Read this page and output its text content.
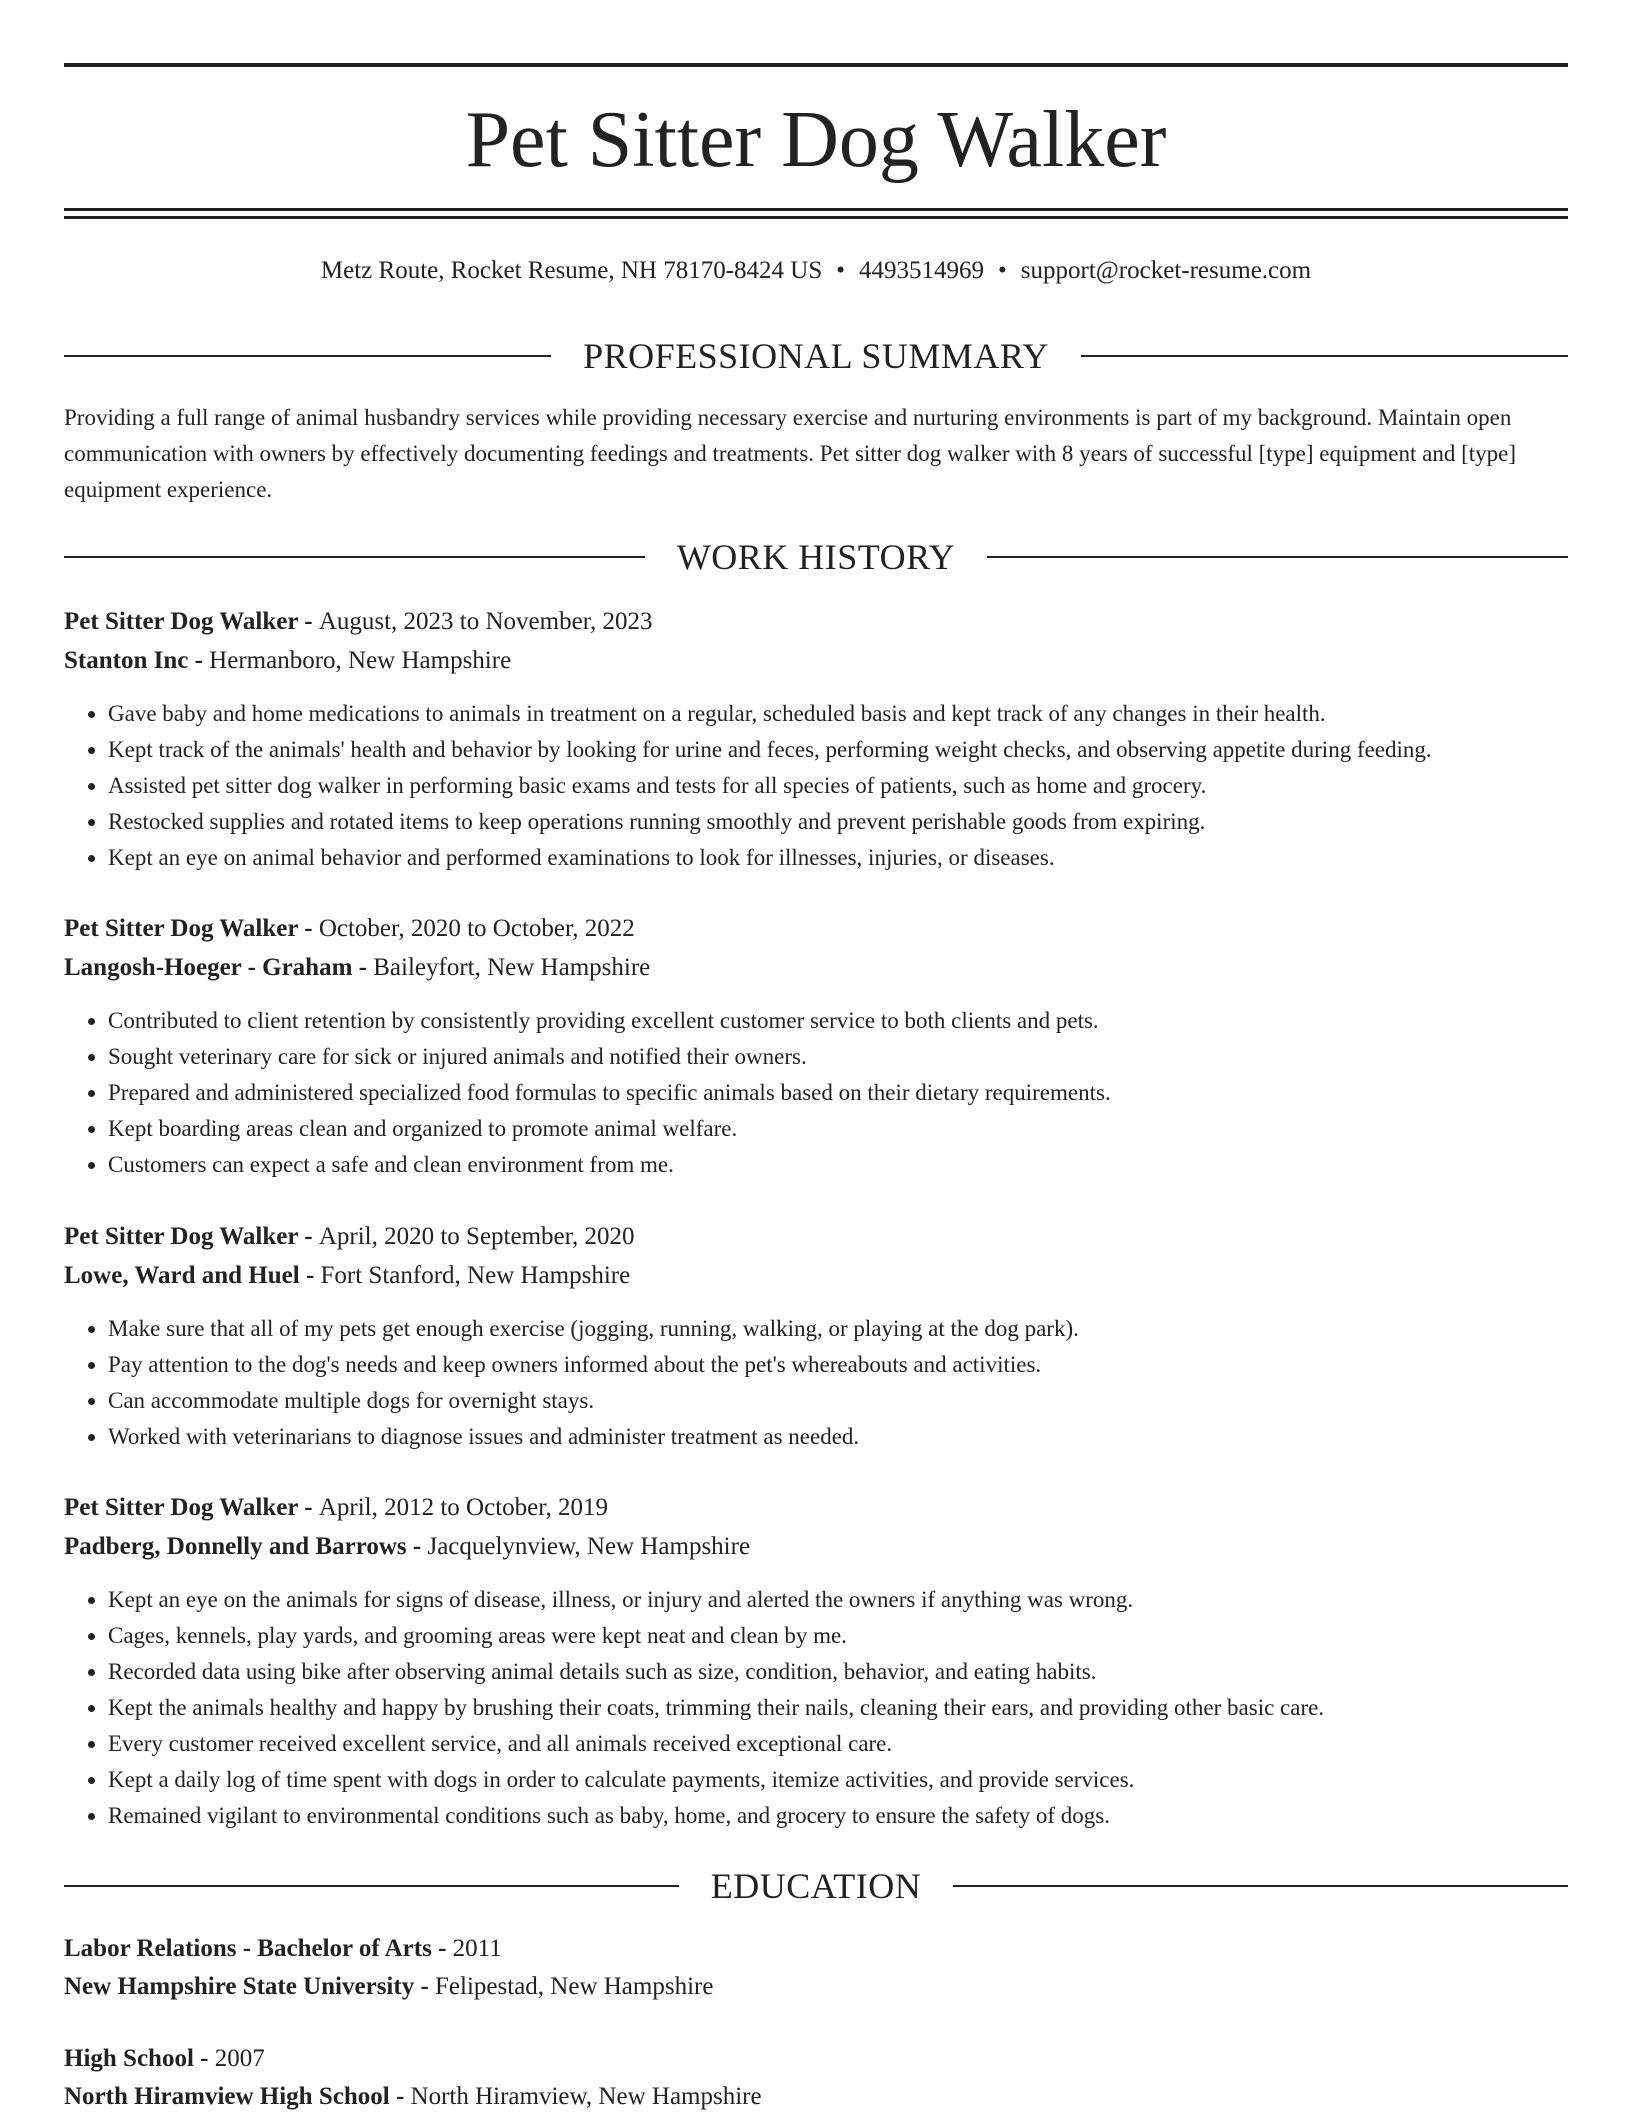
Pet Sitter Dog Walker
Metz Route, Rocket Resume, NH 78170-8424 US • 4493514969 • support@rocket-resume.com
PROFESSIONAL SUMMARY
Providing a full range of animal husbandry services while providing necessary exercise and nurturing environments is part of my background. Maintain open communication with owners by effectively documenting feedings and treatments. Pet sitter dog walker with 8 years of successful [type] equipment and [type] equipment experience.
WORK HISTORY
Pet Sitter Dog Walker - August, 2023 to November, 2023
Stanton Inc - Hermanboro, New Hampshire
• Gave baby and home medications to animals in treatment on a regular, scheduled basis and kept track of any changes in their health.
• Kept track of the animals' health and behavior by looking for urine and feces, performing weight checks, and observing appetite during feeding.
• Assisted pet sitter dog walker in performing basic exams and tests for all species of patients, such as home and grocery.
• Restocked supplies and rotated items to keep operations running smoothly and prevent perishable goods from expiring.
• Kept an eye on animal behavior and performed examinations to look for illnesses, injuries, or diseases.
Pet Sitter Dog Walker - October, 2020 to October, 2022
Langosh-Hoeger - Graham - Baileyfort, New Hampshire
• Contributed to client retention by consistently providing excellent customer service to both clients and pets.
• Sought veterinary care for sick or injured animals and notified their owners.
• Prepared and administered specialized food formulas to specific animals based on their dietary requirements.
• Kept boarding areas clean and organized to promote animal welfare.
• Customers can expect a safe and clean environment from me.
Pet Sitter Dog Walker - April, 2020 to September, 2020
Lowe, Ward and Huel - Fort Stanford, New Hampshire
• Make sure that all of my pets get enough exercise (jogging, running, walking, or playing at the dog park).
• Pay attention to the dog's needs and keep owners informed about the pet's whereabouts and activities.
• Can accommodate multiple dogs for overnight stays.
• Worked with veterinarians to diagnose issues and administer treatment as needed.
Pet Sitter Dog Walker - April, 2012 to October, 2019
Padberg, Donnelly and Barrows - Jacquelynview, New Hampshire
• Kept an eye on the animals for signs of disease, illness, or injury and alerted the owners if anything was wrong.
• Cages, kennels, play yards, and grooming areas were kept neat and clean by me.
• Recorded data using bike after observing animal details such as size, condition, behavior, and eating habits.
• Kept the animals healthy and happy by brushing their coats, trimming their nails, cleaning their ears, and providing other basic care.
• Every customer received excellent service, and all animals received exceptional care.
• Kept a daily log of time spent with dogs in order to calculate payments, itemize activities, and provide services.
• Remained vigilant to environmental conditions such as baby, home, and grocery to ensure the safety of dogs.
EDUCATION
Labor Relations - Bachelor of Arts - 2011
New Hampshire State University - Felipestad, New Hampshire
High School - 2007
North Hiramview High School - North Hiramview, New Hampshire
